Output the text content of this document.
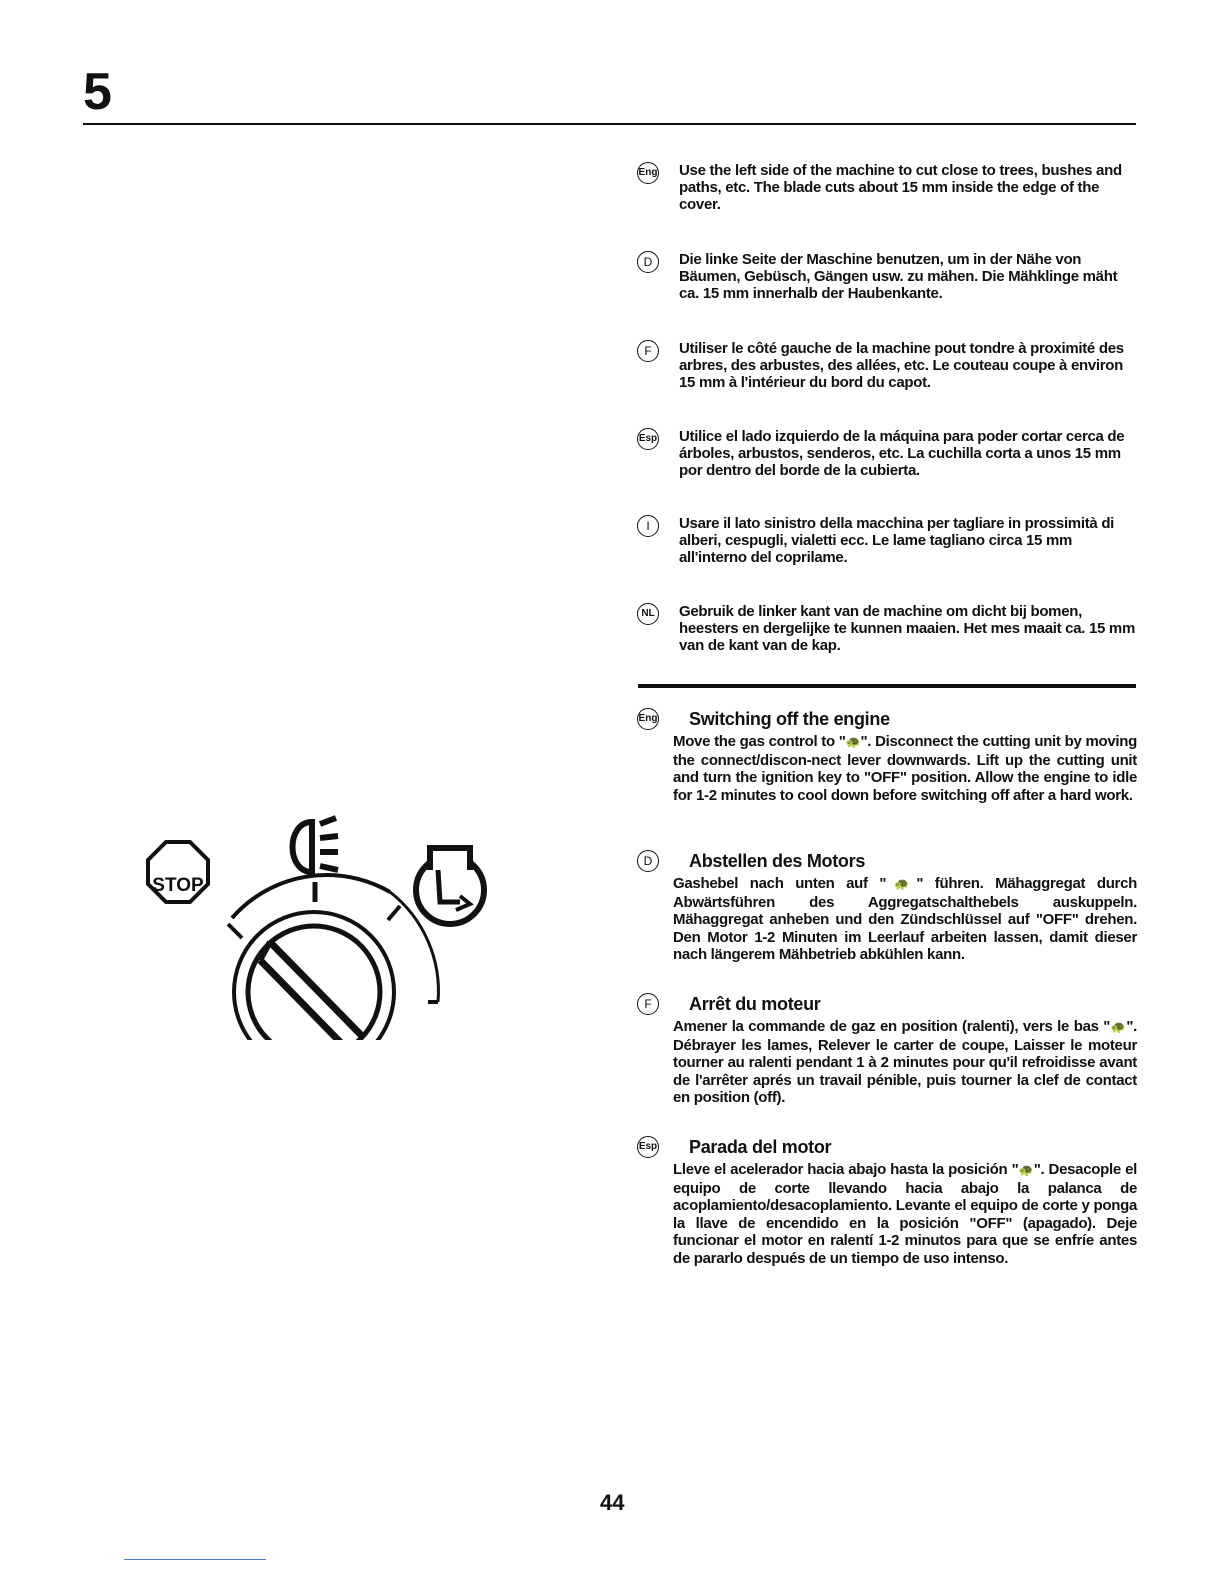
5
Eng Use the left side of the machine to cut close to trees, bushes and paths, etc. The blade cuts about 15 mm inside the edge of the cover.
D	Die linke Seite der Maschine benutzen, um in der Nähe von Bäumen, Gebüsch, Gängen usw. zu mähen. Die Mähklinge mäht ca. 15 mm innerhalb der Haubenkante.
F	Utiliser le côté gauche de la machine pout tondre à proximité des arbres, des arbustes, des allées, etc. Le couteau coupe à environ 15 mm à l'intérieur du bord du capot.
Esp Utilice el lado izquierdo de la máquina para poder cortar cerca de árboles, arbustos, senderos, etc. La cuchilla corta a unos 15 mm por dentro del borde de la cubierta.
I	Usare il lato sinistro della macchina per tagliare in prossimità di alberi, cespugli, vialetti ecc. Le lame tagliano circa 15 mm all'interno del coprilame.
NL Gebruik de linker kant van de machine om dicht bij bomen, heesters en dergelijke te kunnen maaien. Het mes maait ca. 15 mm van de kant van de kap.
Eng Switching off the engine
Move the gas control to "🐢". Disconnect the cutting unit by moving the connect/discon-nect lever downwards. Lift up the cutting unit and turn the ignition key to "OFF" position. Allow the engine to idle for 1-2 minutes to cool down before switching off after a hard work.
D	Abstellen des Motors
Gashebel nach unten auf "🐢" führen. Mähaggregat durch Abwärtsführen des Aggregatschalthebels auskuppeln. Mähaggregat anheben und den Zündschlüssel auf "OFF" drehen. Den Motor 1-2 Minuten im Leerlauf arbeiten lassen, damit dieser nach längerem Mähbetrieb abkühlen kann.
F	Arrêt du moteur
Amener la commande de gaz en position (ralenti), vers le bas "🐢". Débrayer les lames, Relever le carter de coupe, Laisser le moteur tourner au ralenti pendant 1 à 2 minutes pour qu'il refroidisse avant de l'arrêter aprés un travail pénible, puis tourner la clef de contact en position (off).
Esp Parada del motor
Lleve el acelerador hacia abajo hasta la posición "🐢". Desacople el equipo de corte llevando hacia abajo la palanca de acoplamiento/desacoplamiento. Levante el equipo de corte y ponga la llave de encendido en la posición "OFF" (apagado). Deje funcionar el motor en ralentí 1-2 minutos para que se enfríe antes de pararlo después de un tiempo de uso intenso.
STOP
44
